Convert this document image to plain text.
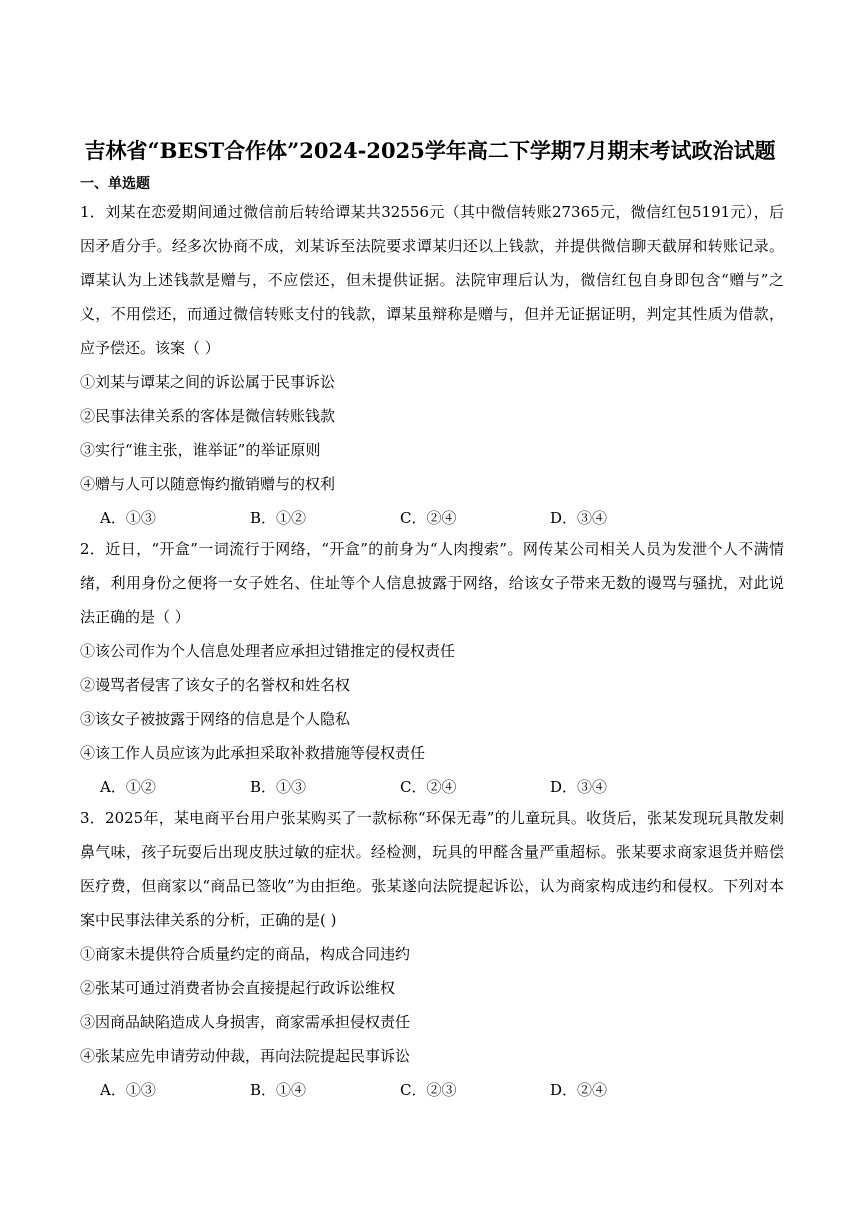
吉林省“BEST合作体”2024-2025学年高二下学期7月期末考试政治试题
一、单选题

1．刘某在恋爱期间通过微信前后转给谭某共32556元（其中微信转账27365元，微信红包5191元），后因矛盾分手。经多次协商不成，刘某诉至法院要求谭某归还以上钱款，并提供微信聊天截屏和转账记录。谭某认为上述钱款是赠与，不应偿还，但未提供证据。法院审理后认为，微信红包自身即包含“赠与”之义，不用偿还，而通过微信转账支付的钱款，谭某虽辩称是赠与，但并无证据证明，判定其性质为借款，应予偿还。该案（ ）

①刘某与谭某之间的诉讼属于民事诉讼

②民事法律关系的客体是微信转账钱款

③实行“谁主张，谁举证”的举证原则

④赠与人可以随意悔约撤销赠与的权利

A．①③	B．①②	C．②④	D．③④

2．近日，“开盒”一词流行于网络，“开盒”的前身为“人肉搜索”。网传某公司相关人员为发泄个人不满情绪，利用身份之便将一女子姓名、住址等个人信息披露于网络，给该女子带来无数的谩骂与骚扰，对此说法正确的是（ ）

①该公司作为个人信息处理者应承担过错推定的侵权责任

②谩骂者侵害了该女子的名誉权和姓名权

③该女子被披露于网络的信息是个人隐私

④该工作人员应该为此承担采取补救措施等侵权责任

A．①②	B．①③	C．②④	D．③④

3．2025年，某电商平台用户张某购买了一款标称“环保无毒”的儿童玩具。收货后，张某发现玩具散发刺鼻气味，孩子玩耍后出现皮肤过敏的症状。经检测，玩具的甲醛含量严重超标。张某要求商家退货并赔偿医疗费，但商家以“商品已签收”为由拒绝。张某遂向法院提起诉讼，认为商家构成违约和侵权。下列对本案中民事法律关系的分析，正确的是( )

①商家未提供符合质量约定的商品，构成合同违约

②张某可通过消费者协会直接提起行政诉讼维权

③因商品缺陷造成人身损害，商家需承担侵权责任

④张某应先申请劳动仲裁，再向法院提起民事诉讼

A．①③	B．①④	C．②③	D．②④
